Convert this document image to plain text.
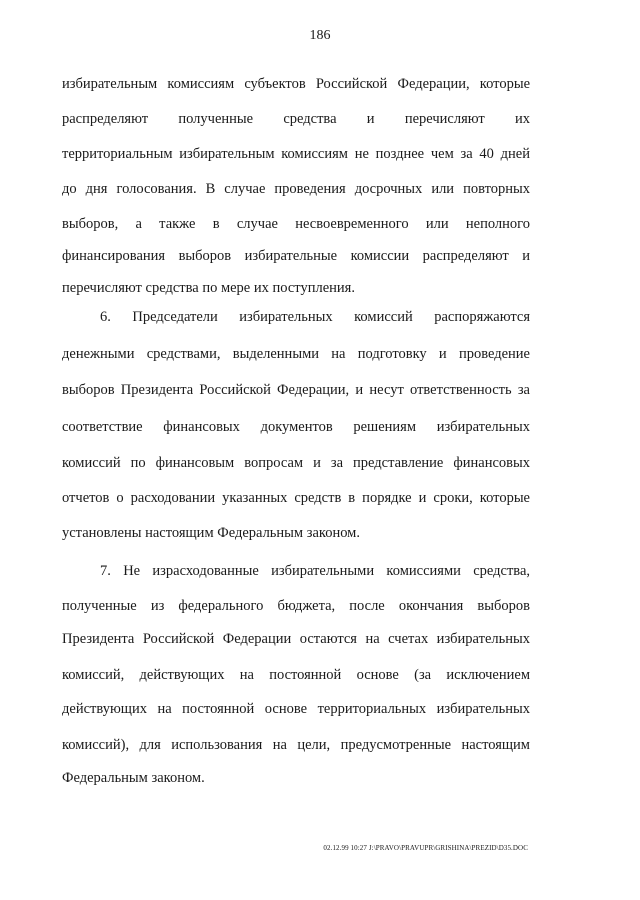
186
избирательным комиссиям субъектов Российской Федерации, которые
распределяют полученные средства и перечисляют их
территориальным избирательным комиссиям не позднее чем за 40 дней
до дня голосования. В случае проведения досрочных или повторных
выборов, а также в случае несвоевременного или неполного
финансирования выборов избирательные комиссии распределяют и
перечисляют средства по мере их поступления.
6. Председатели избирательных комиссий распоряжаются
денежными средствами, выделенными на подготовку и проведение
выборов Президента Российской Федерации, и несут ответственность за
соответствие финансовых документов решениям избирательных
комиссий по финансовым вопросам и за представление финансовых
отчетов о расходовании указанных средств в порядке и сроки, которые
установлены настоящим Федеральным законом.
7. Не израсходованные избирательными комиссиями средства,
полученные из федерального бюджета, после окончания выборов
Президента Российской Федерации остаются на счетах избирательных
комиссий, действующих на постоянной основе (за исключением
действующих на постоянной основе территориальных избирательных
комиссий), для использования на цели, предусмотренные настоящим
Федеральным законом.
02.12.99 10:27 J:\PRAVO\PRAVUPR\GRISHINA\PREZID\D35.DOC
